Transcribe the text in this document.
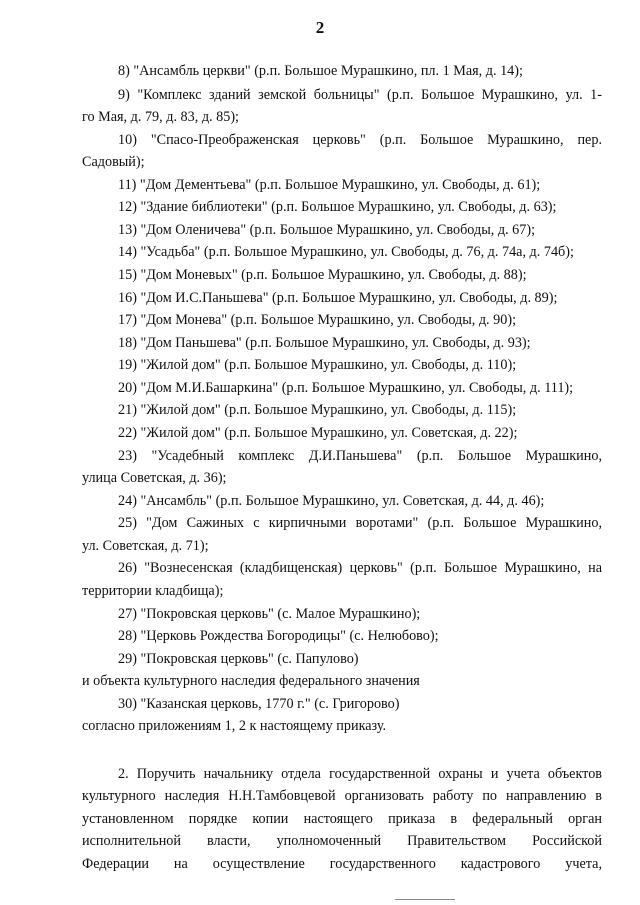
2
8) "Ансамбль церкви" (р.п. Большое Мурашкино, пл. 1 Мая, д. 14);
9) "Комплекс зданий земской больницы" (р.п. Большое Мурашкино, ул. 1-
го Мая, д. 79, д. 83, д. 85);
10) "Спасо-Преображенская церковь" (р.п. Большое Мурашкино, пер.
Садовый);
11) "Дом Дементьева" (р.п. Большое Мурашкино, ул. Свободы, д. 61);
12) "Здание библиотеки" (р.п. Большое Мурашкино, ул. Свободы, д. 63);
13) "Дом Оленичева" (р.п. Большое Мурашкино, ул. Свободы, д. 67);
14) "Усадьба" (р.п. Большое Мурашкино, ул. Свободы, д. 76, д. 74а, д. 74б);
15) "Дом Моневых" (р.п. Большое Мурашкино, ул. Свободы, д. 88);
16) "Дом И.С.Паньшева" (р.п. Большое Мурашкино, ул. Свободы, д. 89);
17) "Дом Монева" (р.п. Большое Мурашкино, ул. Свободы, д. 90);
18) "Дом Паньшева" (р.п. Большое Мурашкино, ул. Свободы, д. 93);
19) "Жилой дом" (р.п. Большое Мурашкино, ул. Свободы, д. 110);
20) "Дом М.И.Башаркина" (р.п. Большое Мурашкино, ул. Свободы, д. 111);
21) "Жилой дом" (р.п. Большое Мурашкино, ул. Свободы, д. 115);
22) "Жилой дом" (р.п. Большое Мурашкино, ул. Советская, д. 22);
23) "Усадебный комплекс Д.И.Паньшева" (р.п. Большое Мурашкино,
улица Советская, д. 36);
24) "Ансамбль" (р.п. Большое Мурашкино, ул. Советская, д. 44, д. 46);
25) "Дом Сажиных с кирпичными воротами" (р.п. Большое Мурашкино,
ул. Советская, д. 71);
26) "Вознесенская (кладбищенская) церковь" (р.п. Большое Мурашкино, на
территории кладбища);
27) "Покровская церковь" (с. Малое Мурашкино);
28) "Церковь Рождества Богородицы" (с. Нелюбово);
29) "Покровская церковь" (с. Папулово)
и объекта культурного наследия федерального значения
30) "Казанская церковь, 1770 г." (с. Григорово)
согласно приложениям 1, 2 к настоящему приказу.
2. Поручить начальнику отдела государственной охраны и учета объектов
культурного наследия Н.Н.Тамбовцевой организовать работу по направлению в
установленном порядке копии настоящего приказа в федеральный орган
исполнительной власти, уполномоченный Правительством Российской
Федерации на осуществление государственного кадастрового учета,
